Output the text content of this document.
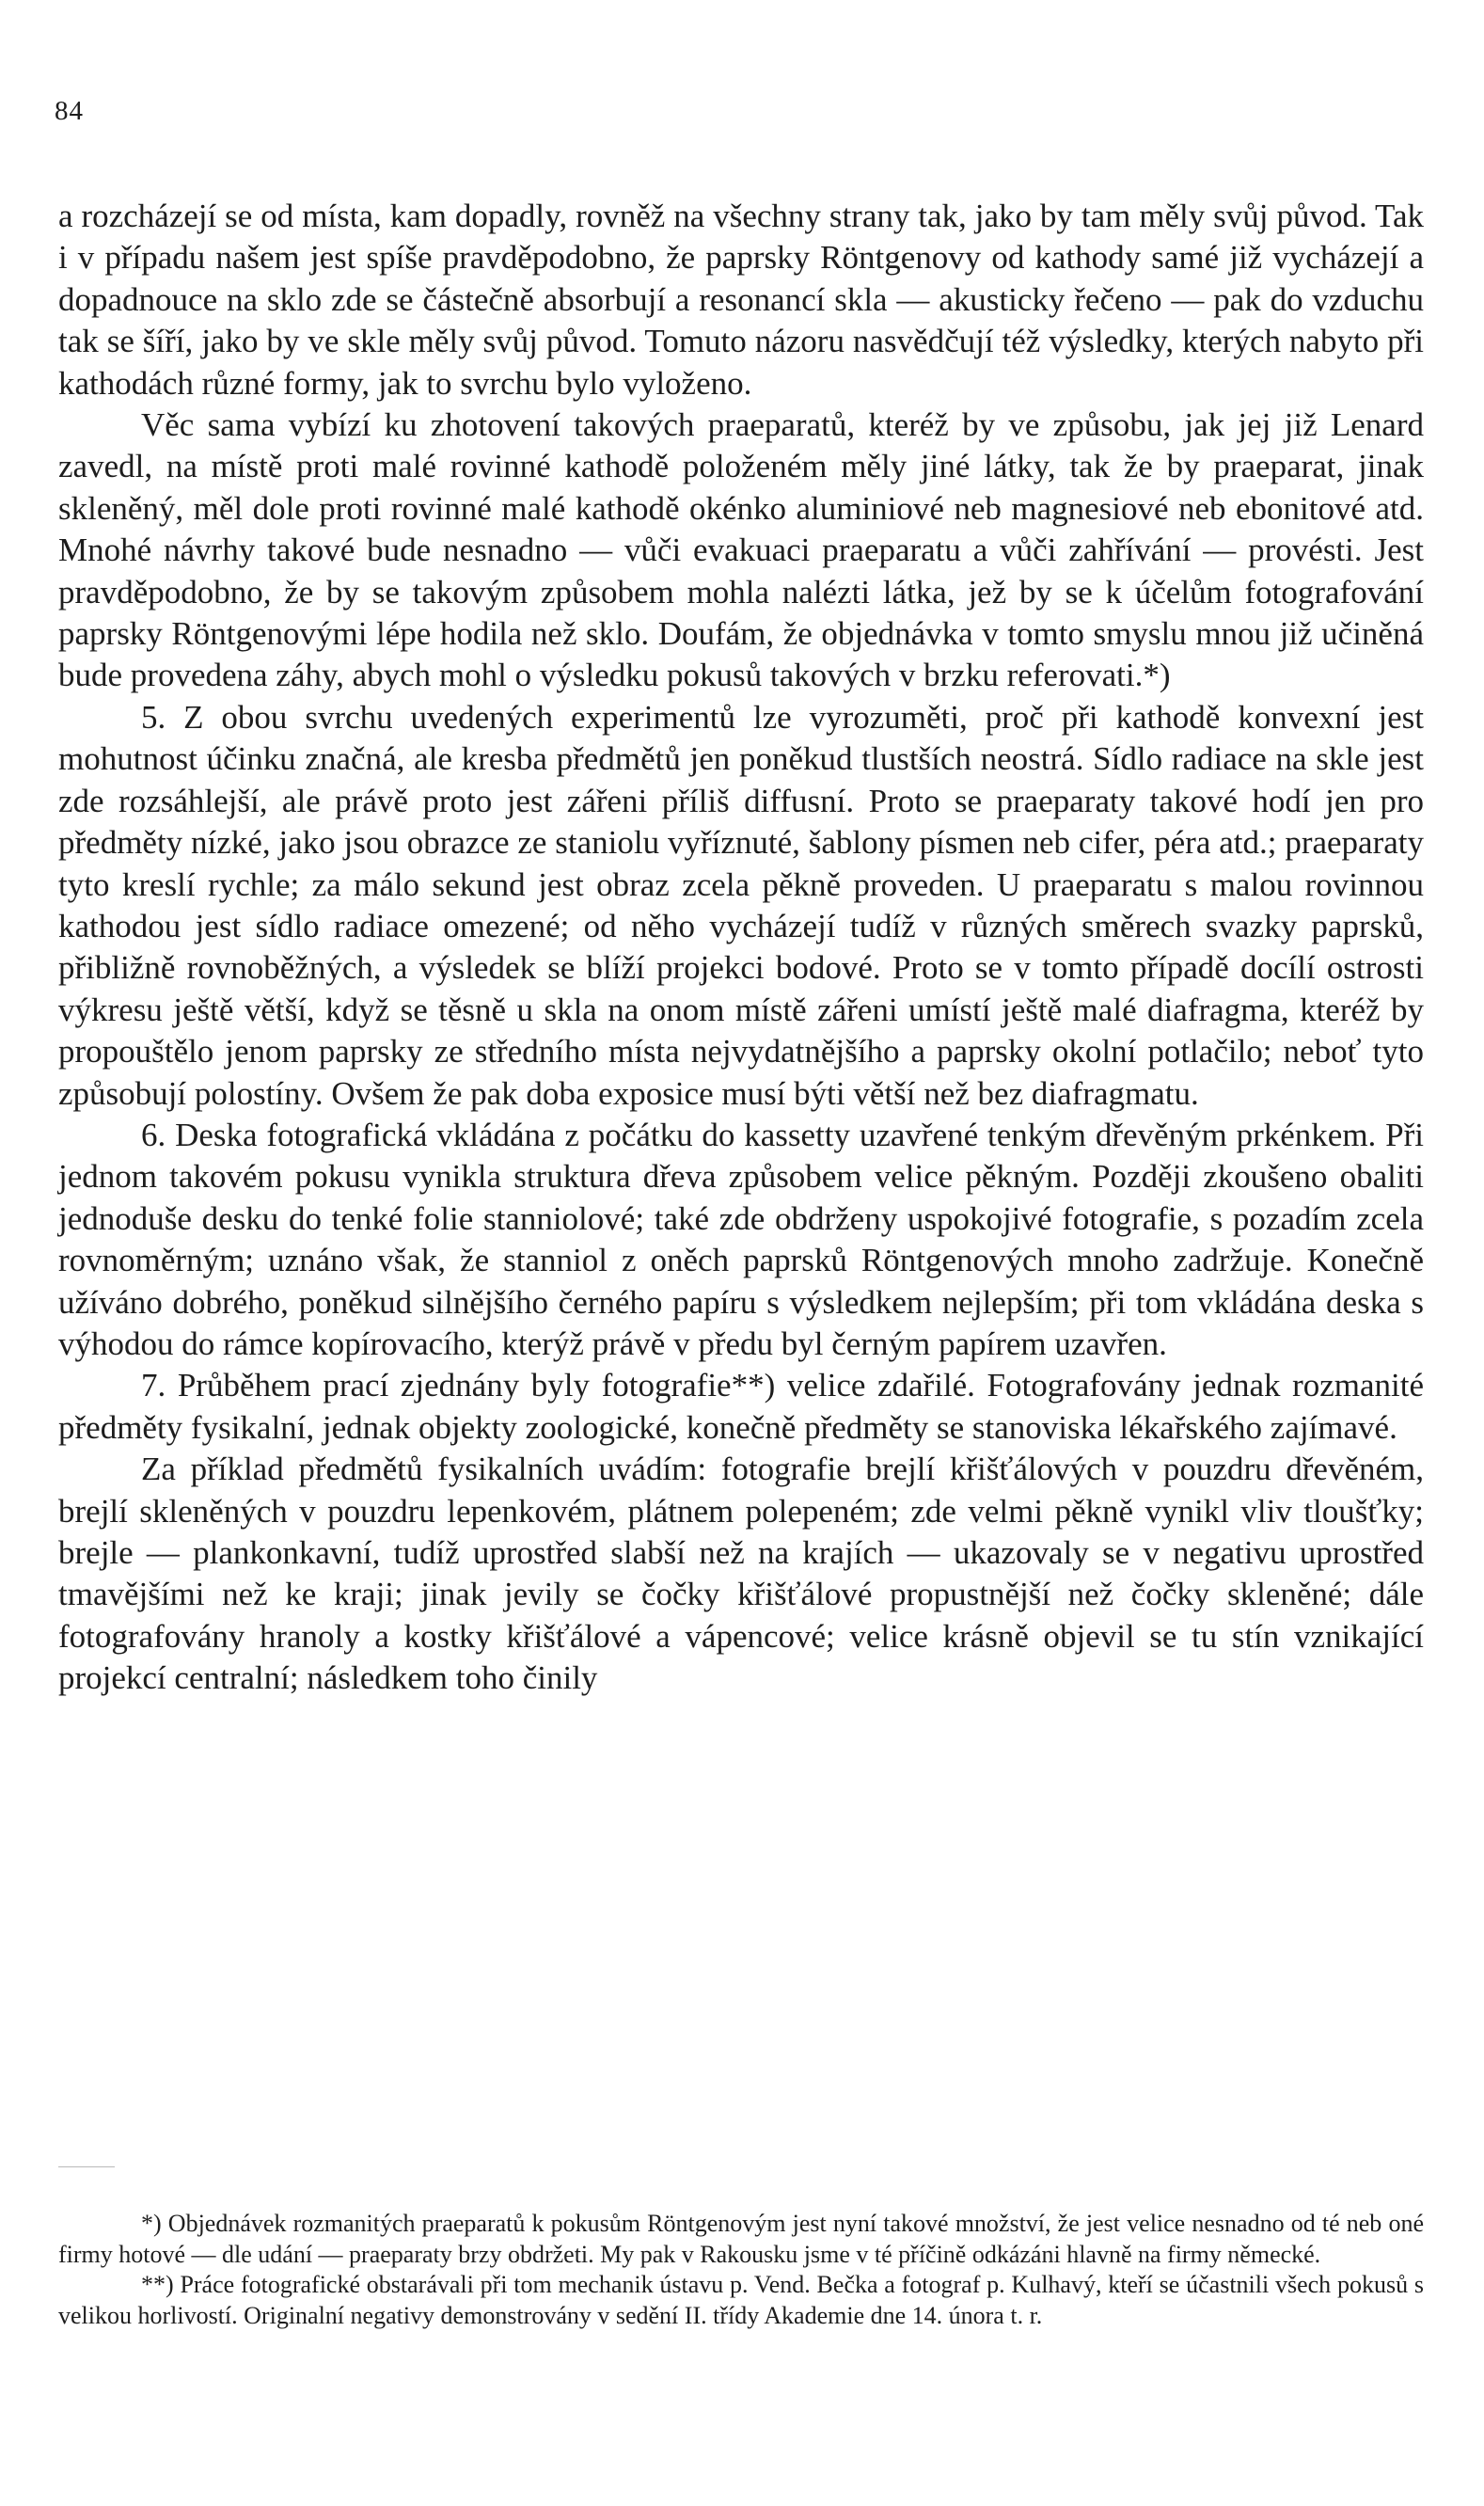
84

a rozcházejí se od místa, kam dopadly, rovněž na všechny strany tak, jako by tam měly svůj původ. Tak i v případu našem jest spíše pravděpodobno, že paprsky Röntgenovy od kathody samé již vycházejí a dopadnouce na sklo zde se částečně absorbují a resonancí skla — akusticky řečeno — pak do vzduchu tak se šíří, jako by ve skle měly svůj původ. Tomuto názoru nasvědčují též výsledky, kterých nabyto při kathodách různé formy, jak to svrchu bylo vyloženo.

Věc sama vybízí ku zhotovení takových praeparatů, kteréž by ve způsobu, jak jej již Lenard zavedl, na místě proti malé rovinné kathodě položeném měly jiné látky, tak že by praeparat, jinak skleněný, měl dole proti rovinné malé kathodě okénko aluminiové neb magnesiové neb ebonitové atd. Mnohé návrhy takové bude nesnadno — vůči evakuaci praeparatu a vůči zahřívání — provésti. Jest pravděpodobno, že by se takovým způsobem mohla nalézti látka, jež by se k účelům fotografování paprsky Röntgenovými lépe hodila než sklo. Doufám, že objednávka v tomto smyslu mnou již učiněná bude provedena záhy, abych mohl o výsledku pokusů takových v brzku referovati.*)

5. Z obou svrchu uvedených experimentů lze vyrozuměti, proč při kathodě konvexní jest mohutnost účinku značná, ale kresba předmětů jen poněkud tlustších neostrá. Sídlo radiace na skle jest zde rozsáhlejší, ale právě proto jest zářeni příliš diffusní. Proto se praeparaty takové hodí jen pro předměty nízké, jako jsou obrazce ze staniolu vyříznuté, šablony písmen neb cifer, péra atd.; praeparaty tyto kreslí rychle; za málo sekund jest obraz zcela pěkně proveden. U praeparatu s malou rovinnou kathodou jest sídlo radiace omezené; od něho vycházejí tudíž v různých směrech svazky paprsků, přibližně rovnoběžných, a výsledek se blíží projekci bodové. Proto se v tomto případě docílí ostrosti výkresu ještě větší, když se těsně u skla na onom místě zářeni umístí ještě malé diafragma, kteréž by propouštělo jenom paprsky ze středního místa nejvydatnějšího a paprsky okolní potlačilo; neboť tyto způsobují polostíny. Ovšem že pak doba exposice musí býti větší než bez diafragmatu.

6. Deska fotografická vkládána z počátku do kassetty uzavřené tenkým dřevěným prkénkem. Při jednom takovém pokusu vynikla struktura dřeva způsobem velice pěkným. Později zkoušeno obaliti jednoduše desku do tenké folie stanniolové; také zde obdrženy uspokojivé fotografie, s pozadím zcela rovnoměrným; uznáno však, že stanniol z oněch paprsků Röntgenových mnoho zadržuje. Konečně užíváno dobrého, poněkud silnějšího černého papíru s výsledkem nejlepším; při tom vkládána deska s výhodou do rámce kopírovacího, kterýž právě v předu byl černým papírem uzavřen.

7. Průběhem prací zjednány byly fotografie**) velice zdařilé. Fotografovány jednak rozmanité předměty fysikalní, jednak objekty zoologické, konečně předměty se stanoviska lékařského zajímavé.

Za příklad předmětů fysikalních uvádím: fotografie brejlí křišťálových v pouzdru dřevěném, brejlí skleněných v pouzdru lepenkovém, plátnem polepeném; zde velmi pěkně vynikl vliv tloušťky; brejle — plankonkavní, tudíž uprostřed slabší než na krajích — ukazovaly se v negativu uprostřed tmavějšími než ke kraji; jinak jevily se čočky křišťálové propustnější než čočky skleněné; dále fotografovány hranoly a kostky křišťálové a vápencové; velice krásně objevil se tu stín vznikající projekcí centralní; následkem toho činily

*) Objednávek rozmanitých praeparatů k pokusům Röntgenovým jest nyní takové množství, že jest velice nesnadno od té neb oné firmy hotové — dle udání — praeparaty brzy obdržeti. My pak v Rakousku jsme v té příčině odkázáni hlavně na firmy německé.

**) Práce fotografické obstarávali při tom mechanik ústavu p. Vend. Bečka a fotograf p. Kulhavý, kteří se účastnili všech pokusů s velikou horlivostí. Originalní negativy demonstrovány v sedění II. třídy Akademie dne 14. února t. r.
